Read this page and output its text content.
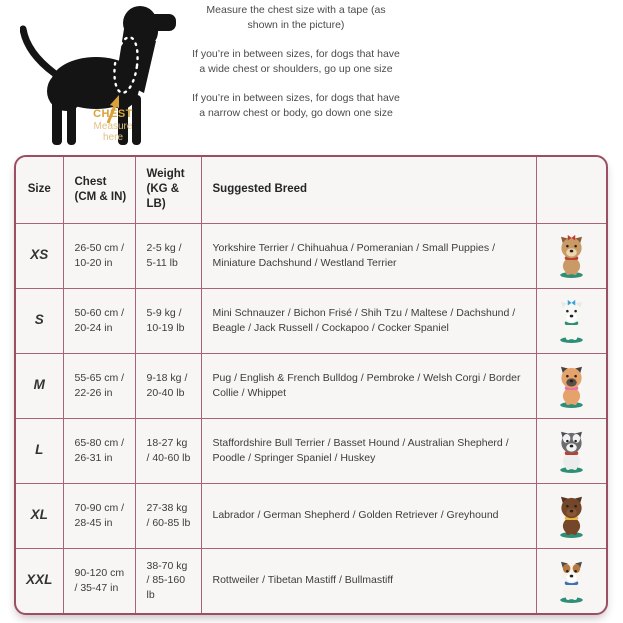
CHEST
Measure
here

Measure the chest size with a tape (as shown in the picture)

If you’re in between sizes, for dogs that have a wide chest or shoulders, go up one size

If you’re in between sizes, for dogs that have a narrow chest or body, go down one size

Size	Chest (CM & IN)	Weight (KG & LB)	Suggested Breed	
XS	26-50 cm / 10-20 in	2-5 kg / 5-11 lb	Yorkshire Terrier / Chihuahua / Pomeranian / Small Puppies / Miniature Dachshund / Westland Terrier	
S	50-60 cm / 20-24 in	5-9 kg / 10-19 lb	Mini Schnauzer / Bichon Frisé / Shih Tzu / Maltese / Dachshund / Beagle / Jack Russell / Cockapoo / Cocker Spaniel	
M	55-65 cm / 22-26 in	9-18 kg / 20-40 lb	Pug / English & French Bulldog / Pembroke / Welsh Corgi / Border Collie / Whippet	
L	65-80 cm / 26-31 in	18-27 kg / 40-60 lb	Staffordshire Bull Terrier / Basset Hound / Australian Shepherd / Poodle / Springer Spaniel / Huskey	
XL	70-90 cm / 28-45 in	27-38 kg / 60-85 lb	Labrador / German Shepherd / Golden Retriever / Greyhound	
XXL	90-120 cm / 35-47 in	38-70 kg / 85-160 lb	Rottweiler / Tibetan Mastiff / Bullmastiff	
